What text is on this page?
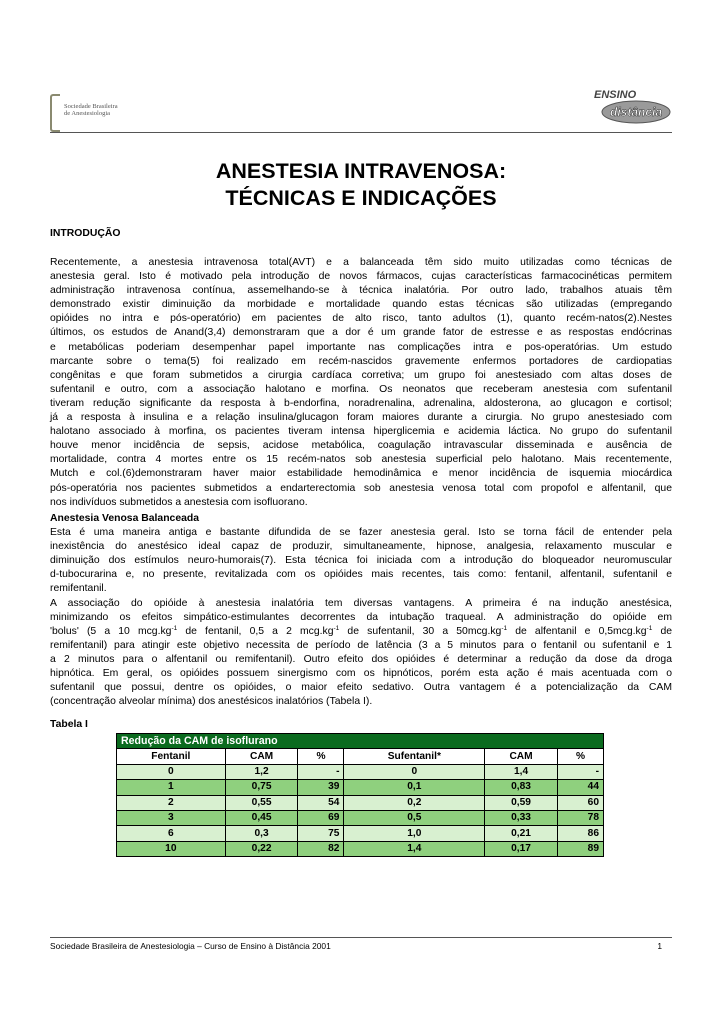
Sociedade Brasileira
de Anestesiologia
ENSINO
distância
ANESTESIA INTRAVENOSA:
TÉCNICAS E INDICAÇÕES
INTRODUÇÃO
Recentemente, a anestesia intravenosa total(AVT) e a balanceada têm sido muito utilizadas como técnicas de
anestesia geral. Isto é motivado pela introdução de novos fármacos, cujas características farmacocinéticas permitem
administração intravenosa contínua, assemelhando-se à técnica inalatória. Por outro lado, trabalhos atuais têm
demonstrado existir diminuição da morbidade e mortalidade quando estas técnicas são utilizadas (empregando
opióides no intra e pós-operatório) em pacientes de alto risco, tanto adultos (1), quanto recém-natos(2).Nestes
últimos, os estudos de Anand(3,4) demonstraram que a dor é um grande fator de estresse e as respostas endócrinas
e metabólicas poderiam desempenhar papel importante nas complicações intra e pos-operatórias. Um estudo
marcante sobre o tema(5) foi realizado em recém-nascidos gravemente enfermos portadores de cardiopatias
congênitas e que foram submetidos a cirurgia cardíaca corretiva; um grupo foi anestesiado com altas doses de
sufentanil e outro, com a associação halotano e morfina. Os neonatos que receberam anestesia com sufentanil
tiveram redução significante da resposta à b-endorfina, noradrenalina, adrenalina, aldosterona, ao glucagon e cortisol;
já a resposta à insulina e a relação insulina/glucagon foram maiores durante a cirurgia. No grupo anestesiado com
halotano associado à morfina, os pacientes tiveram intensa hiperglicemia e acidemia láctica. No grupo do sufentanil
houve menor incidência de sepsis, acidose metabólica, coagulação intravascular disseminada e ausência de
mortalidade, contra 4 mortes entre os 15 recém-natos sob anestesia superficial pelo halotano. Mais recentemente,
Mutch e col.(6)demonstraram haver maior estabilidade hemodinâmica e menor incidência de isquemia miocárdica
pós-operatória nos pacientes submetidos a endarterectomia sob anestesia venosa total com propofol e alfentanil, que
nos indivíduos submetidos a anestesia com isofluorano.
Anestesia Venosa Balanceada
Esta é uma maneira antiga e bastante difundida de se fazer anestesia geral. Isto se torna fácil de entender pela
inexistência do anestésico ideal capaz de produzir, simultaneamente, hipnose, analgesia, relaxamento muscular e
diminuição dos estímulos neuro-humorais(7). Esta técnica foi iniciada com a introdução do bloqueador neuromuscular
d-tubocurarina e, no presente, revitalizada com os opióides mais recentes, tais como: fentanil, alfentanil, sufentanil e
remifentanil.
A associação do opióide à anestesia inalatória tem diversas vantagens. A primeira é na indução anestésica,
minimizando os efeitos simpático-estimulantes decorrentes da intubação traqueal. A administração do opióide em
'bolus' (5 a 10 $mcg.kg^{-1}$ de fentanil, 0,5 a 2 $mcg.kg^{-1}$ de sufentanil, 30 a $50mcg.kg^{-1}$ de alfentanil e $0,5mcg.kg^{-1}$ de
remifentanil) para atingir este objetivo necessita de período de latência (3 a 5 minutos para o fentanil ou sufentanil e 1
a 2 minutos para o alfentanil ou remifentanil). Outro efeito dos opióides é determinar a redução da dose da droga
hipnótica. Em geral, os opióides possuem sinergismo com os hipnóticos, porém esta ação é mais acentuada com o
sufentanil que possui, dentre os opióides, o maior efeito sedativo. Outra vantagem é a potencialização da CAM
(concentração alveolar mínima) dos anestésicos inalatórios (Tabela I).
Tabela I
Redução da CAM de isoflurano					
Fentanil	CAM	%	Sufentanil*	CAM	%
0	1,2	-	0	1,4	-
1	0,75	39	0,1	0,83	44
2	0,55	54	0,2	0,59	60
3	0,45	69	0,5	0,33	78
6	0,3	75	1,0	0,21	86
10	0,22	82	1,4	0,17	89
Sociedade Brasileira de Anestesiologia – Curso de Ensino à Distância 2001	1
